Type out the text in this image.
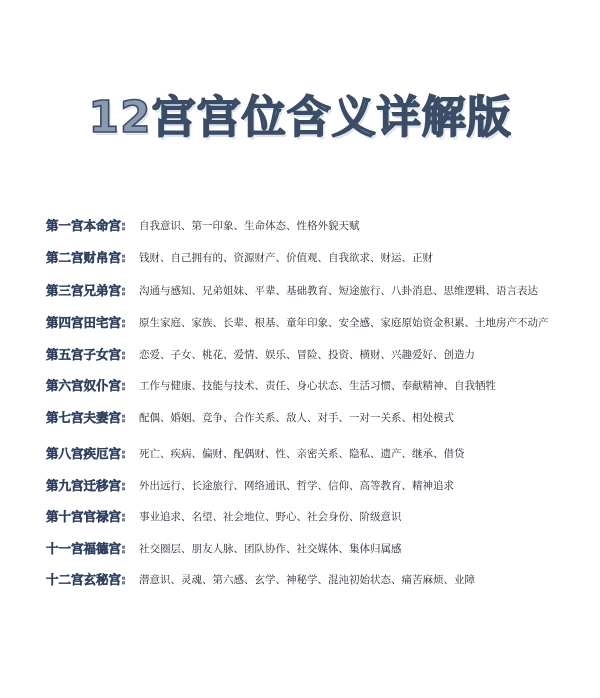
12宫宫位含义详解版
第一宫本命宫:	自我意识、第一印象、生命体态、性格外貌天赋
第二宫财帛宫:	钱财、自己拥有的、资源财产、价值观、自我欲求、财运、正财
第三宫兄弟宫:	沟通与感知、兄弟姐妹、平辈、基础教育、短途旅行、八卦消息、思维逻辑、语言表达
第四宫田宅宫:	原生家庭、家族、长辈、根基、童年印象、安全感、家庭原始资金积累、土地房产不动产
第五宫子女宫:	恋爱、子女、桃花、爱情、娱乐、冒险、投资、横财、兴趣爱好、创造力
第六宫奴仆宫:	工作与健康、技能与技术、责任、身心状态、生活习惯、奉献精神、自我牺牲
第七宫夫妻宫:	配偶、婚姻、竞争、合作关系、敌人、对手、一对一关系、相处模式
第八宫疾厄宫:	死亡、疾病、偏财、配偶财、性、亲密关系、隐私、遗产、继承、借贷
第九宫迁移宫:	外出远行、长途旅行、网络通讯、哲学、信仰、高等教育、精神追求
第十宫官禄宫:	事业追求、名望、社会地位、野心、社会身份、阶级意识
十一宫福德宫:	社交圈层、朋友人脉、团队协作、社交媒体、集体归属感
十二宫玄秘宫:	潜意识、灵魂、第六感、玄学、神秘学、混沌初始状态、痛苦麻烦、业障
